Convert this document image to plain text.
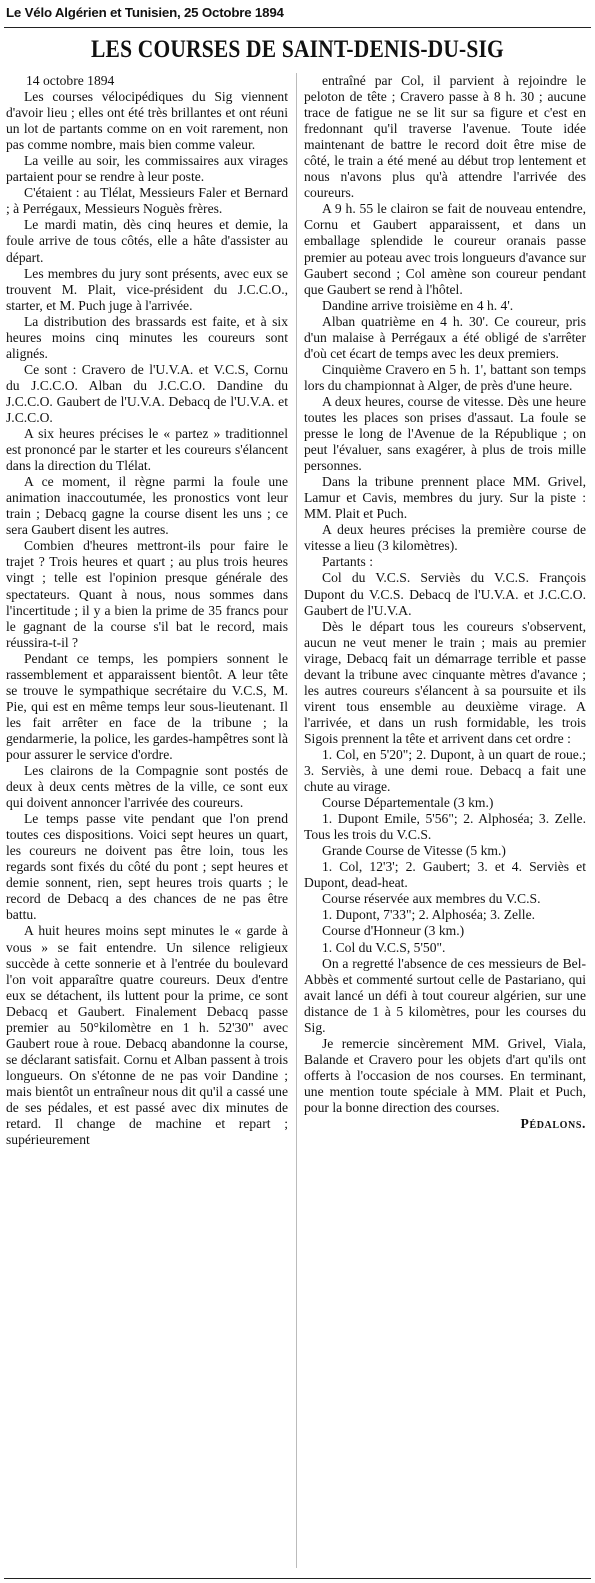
Le Vélo Algérien et Tunisien, 25 Octobre 1894
LES COURSES DE SAINT-DENIS-DU-SIG

14 octobre 1894

Les courses vélocipédiques du Sig viennent d'avoir lieu ; elles ont été très brillantes et ont réuni un lot de partants comme on en voit rarement, non pas comme nombre, mais bien comme valeur.

La veille au soir, les commissaires aux virages partaient pour se rendre à leur poste.

C'étaient : au Tlélat, Messieurs Faler et Bernard ; à Perrégaux, Messieurs Noguès frères.

Le mardi matin, dès cinq heures et demie, la foule arrive de tous côtés, elle a hâte d'assister au départ.

Les membres du jury sont présents, avec eux se trouvent M. Plait, vice-président du J.C.C.O., starter, et M. Puch juge à l'arrivée.

La distribution des brassards est faite, et à six heures moins cinq minutes les coureurs sont alignés.

Ce sont : Cravero de l'U.V.A. et V.C.S, Cornu du J.C.C.O. Alban du J.C.C.O. Dandine du J.C.C.O. Gaubert de l'U.V.A. Debacq de l'U.V.A. et J.C.C.O.

A six heures précises le « partez » traditionnel est prononcé par le starter et les coureurs s'élancent dans la direction du Tlélat.

A ce moment, il règne parmi la foule une animation inaccoutumée, les pronostics vont leur train ; Debacq gagne la course disent les uns ; ce sera Gaubert disent les autres.

Combien d'heures mettront-ils pour faire le trajet ? Trois heures et quart ; au plus trois heures vingt ; telle est l'opinion presque générale des spectateurs. Quant à nous, nous sommes dans l'incertitude ; il y a bien la prime de 35 francs pour le gagnant de la course s'il bat le record, mais réussira-t-il ?

Pendant ce temps, les pompiers sonnent le rassemblement et apparaissent bientôt. A leur tête se trouve le sympathique secrétaire du V.C.S, M. Pie, qui est en même temps leur sous-lieutenant. Il les fait arrêter en face de la tribune ; la gendarmerie, la police, les gardes-hampêtres sont là pour assurer le service d'ordre.

Les clairons de la Compagnie sont postés de deux à deux cents mètres de la ville, ce sont eux qui doivent annoncer l'arrivée des coureurs.

Le temps passe vite pendant que l'on prend toutes ces dispositions. Voici sept heures un quart, les coureurs ne doivent pas être loin, tous les regards sont fixés du côté du pont ; sept heures et demie sonnent, rien, sept heures trois quarts ; le record de Debacq a des chances de ne pas être battu.

A huit heures moins sept minutes le « garde à vous » se fait entendre. Un silence religieux succède à cette sonnerie et à l'entrée du boulevard l'on voit apparaître quatre coureurs. Deux d'entre eux se détachent, ils luttent pour la prime, ce sont Debacq et Gaubert. Finalement Debacq passe premier au 50°kilomètre en 1 h. 52'30" avec Gaubert roue à roue. Debacq abandonne la course, se déclarant satisfait. Cornu et Alban passent à trois longueurs. On s'étonne de ne pas voir Dandine ; mais bientôt un entraîneur nous dit qu'il a cassé une de ses pédales, et est passé avec dix minutes de retard. Il change de machine et repart ; supérieurement

entraîné par Col, il parvient à rejoindre le peloton de tête ; Cravero passe à 8 h. 30 ; aucune trace de fatigue ne se lit sur sa figure et c'est en fredonnant qu'il traverse l'avenue. Toute idée maintenant de battre le record doit être mise de côté, le train a été mené au début trop lentement et nous n'avons plus qu'à attendre l'arrivée des coureurs.

A 9 h. 55 le clairon se fait de nouveau entendre, Cornu et Gaubert apparaissent, et dans un emballage splendide le coureur oranais passe premier au poteau avec trois longueurs d'avance sur Gaubert second ; Col amène son coureur pendant que Gaubert se rend à l'hôtel.

Dandine arrive troisième en 4 h. 4'.

Alban quatrième en 4 h. 30'. Ce coureur, pris d'un malaise à Perrégaux a été obligé de s'arrêter d'où cet écart de temps avec les deux premiers.

Cinquième Cravero en 5 h. 1', battant son temps lors du championnat à Alger, de près d'une heure.

A deux heures, course de vitesse. Dès une heure toutes les places son prises d'assaut. La foule se presse le long de l'Avenue de la République ; on peut l'évaluer, sans exagérer, à plus de trois mille personnes.

Dans la tribune prennent place MM. Grivel, Lamur et Cavis, membres du jury. Sur la piste : MM. Plait et Puch.

A deux heures précises la première course de vitesse a lieu (3 kilomètres).

Partants :

Col du V.C.S. Serviès du V.C.S. François Dupont du V.C.S. Debacq de l'U.V.A. et J.C.C.O. Gaubert de l'U.V.A.

Dès le départ tous les coureurs s'observent, aucun ne veut mener le train ; mais au premier virage, Debacq fait un démarrage terrible et passe devant la tribune avec cinquante mètres d'avance ; les autres coureurs s'élancent à sa poursuite et ils virent tous ensemble au deuxième virage. A l'arrivée, et dans un rush formidable, les trois Sigois prennent la tête et arrivent dans cet ordre :

1. Col, en 5'20"; 2. Dupont, à un quart de roue.; 3. Serviès, à une demi roue. Debacq a fait une chute au virage.

Course Départementale (3 km.)

1. Dupont Emile, 5'56"; 2. Alphoséa; 3. Zelle. Tous les trois du V.C.S.

Grande Course de Vitesse (5 km.)

1. Col, 12'3'; 2. Gaubert; 3. et 4. Serviès et Dupont, dead-heat.

Course réservée aux membres du V.C.S.

1. Dupont, 7'33"; 2. Alphoséa; 3. Zelle.

Course d'Honneur (3 km.)

1. Col du V.C.S, 5'50".

On a regretté l'absence de ces messieurs de Bel-Abbès et commenté surtout celle de Pastariano, qui avait lancé un défi à tout coureur algérien, sur une distance de 1 à 5 kilomètres, pour les courses du Sig.

Je remercie sincèrement MM. Grivel, Viala, Balande et Cravero pour les objets d'art qu'ils ont offerts à l'occasion de nos courses. En terminant, une mention toute spéciale à MM. Plait et Puch, pour la bonne direction des courses.

Pédalons.
